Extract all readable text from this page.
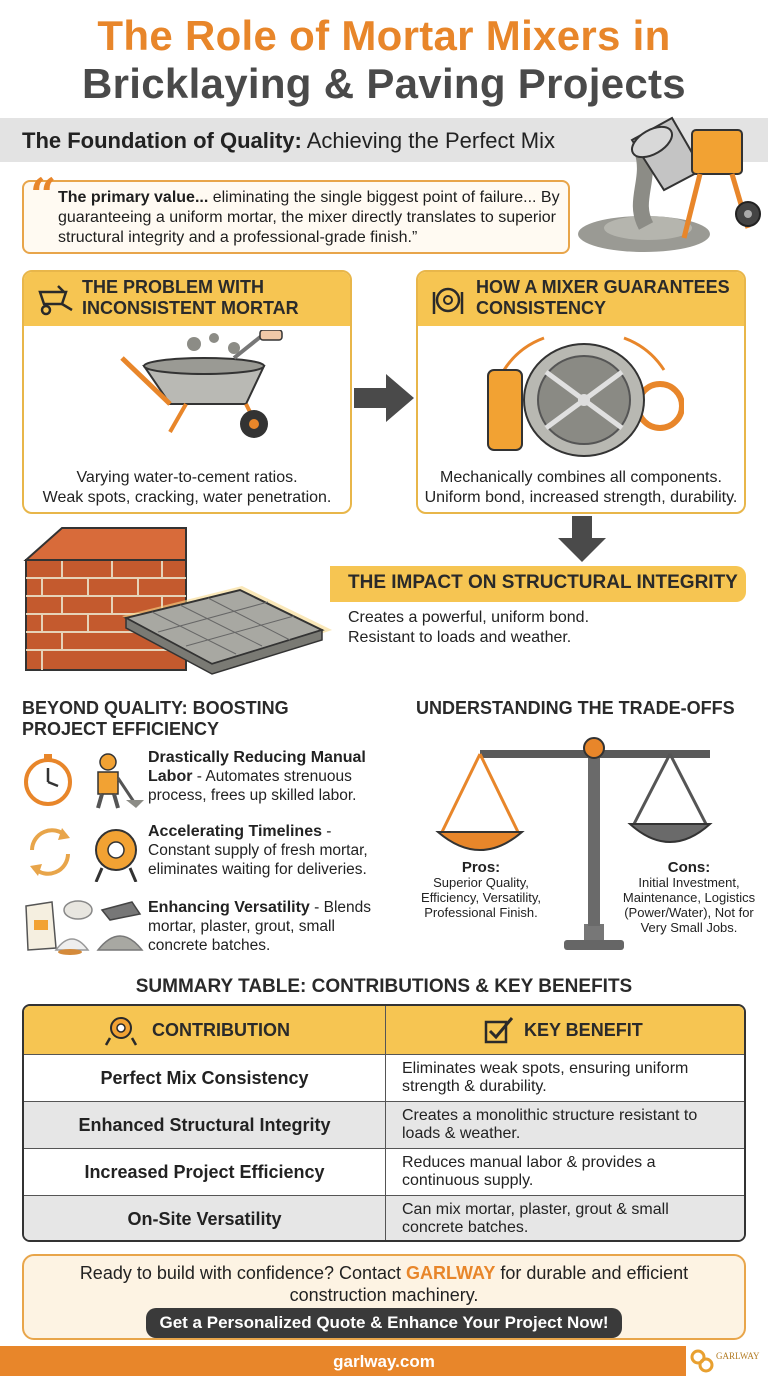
The Role of Mortar Mixers in
Bricklaying & Paving Projects
The Foundation of Quality: Achieving the Perfect Mix
“ The primary value... eliminating the single biggest point of failure... By guaranteeing a uniform mortar, the mixer directly translates to superior structural integrity and a professional-grade finish.”
THE PROBLEM WITH INCONSISTENT MORTAR
Varying water-to-cement ratios.
Weak spots, cracking, water penetration.
HOW A MIXER GUARANTEES CONSISTENCY
Mechanically combines all components.
Uniform bond, increased strength, durability.
THE IMPACT ON STRUCTURAL INTEGRITY
Creates a powerful, uniform bond.
Resistant to loads and weather.
BEYOND QUALITY: BOOSTING
PROJECT EFFICIENCY
Drastically Reducing Manual Labor - Automates strenuous process, frees up skilled labor.
Accelerating Timelines - Constant supply of fresh mortar, eliminates waiting for deliveries.
Enhancing Versatility - Blends mortar, plaster, grout, small concrete batches.
UNDERSTANDING THE TRADE-OFFS
Pros:
Superior Quality, Efficiency, Versatility, Professional Finish.
Cons:
Initial Investment, Maintenance, Logistics (Power/Water), Not for Very Small Jobs.
SUMMARY TABLE: CONTRIBUTIONS & KEY BENEFITS
CONTRIBUTION	KEY BENEFIT
Perfect Mix Consistency	Eliminates weak spots, ensuring uniform strength & durability.
Enhanced Structural Integrity	Creates a monolithic structure resistant to loads & weather.
Increased Project Efficiency	Reduces manual labor & provides a continuous supply.
On-Site Versatility	Can mix mortar, plaster, grout & small concrete batches.
Ready to build with confidence? Contact GARLWAY for durable and efficient construction machinery.
Get a Personalized Quote & Enhance Your Project Now!
garlway.com	GARLWAY
